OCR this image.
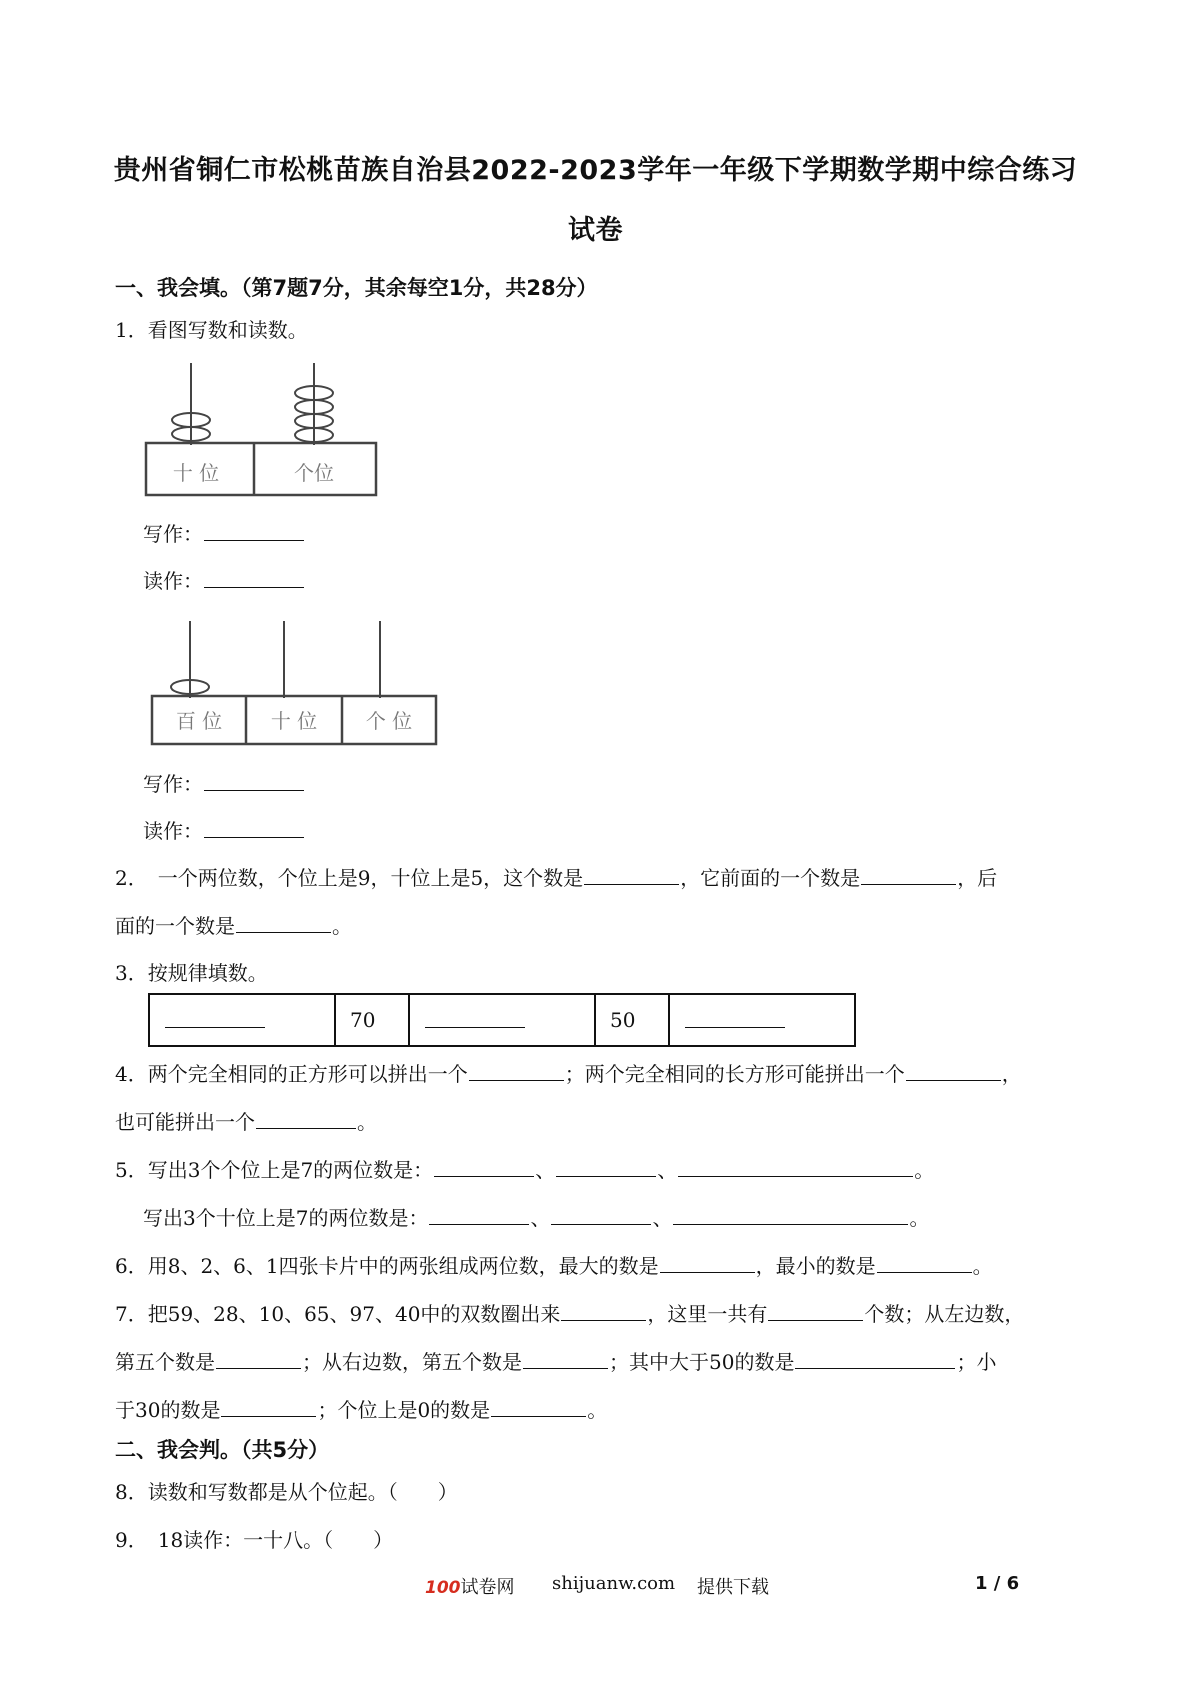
贵州省铜仁市松桃苗族自治县2022-2023学年一年级下学期数学期中综合练习
试卷
一、我会填。（第7题7分，其余每空1分，共28分）
1．看图写数和读数。
十 位	个位
写作：
读作：
百 位 十 位 个 位
写作：
读作：
2．　一个两位数，个位上是9，十位上是5，这个数是	，它前面的一个数是	，后
面的一个数是	。
3．按规律填数。
	70		50	
4．两个完全相同的正方形可以拼出一个	；两个完全相同的长方形可能拼出一个	，
也可能拼出一个	。
5．写出3个个位上是7的两位数是：	、	、	。
写出3个十位上是7的两位数是：	、	、	。
6．用8、2、6、1四张卡片中的两张组成两位数，最大的数是	，最小的数是	。
7．把59、28、10、65、97、40中的双数圈出来	，这里一共有	个数；从左边数，
第五个数是	；从右边数，第五个数是	；其中大于50的数是	；小
于30的数是	；个位上是0的数是	。
二、我会判。（共5分）
8．读数和写数都是从个位起。（　　）
9．　18读作：一十八。（　　）
100试卷网 shijuanw.com 提供下载	1 / 6
